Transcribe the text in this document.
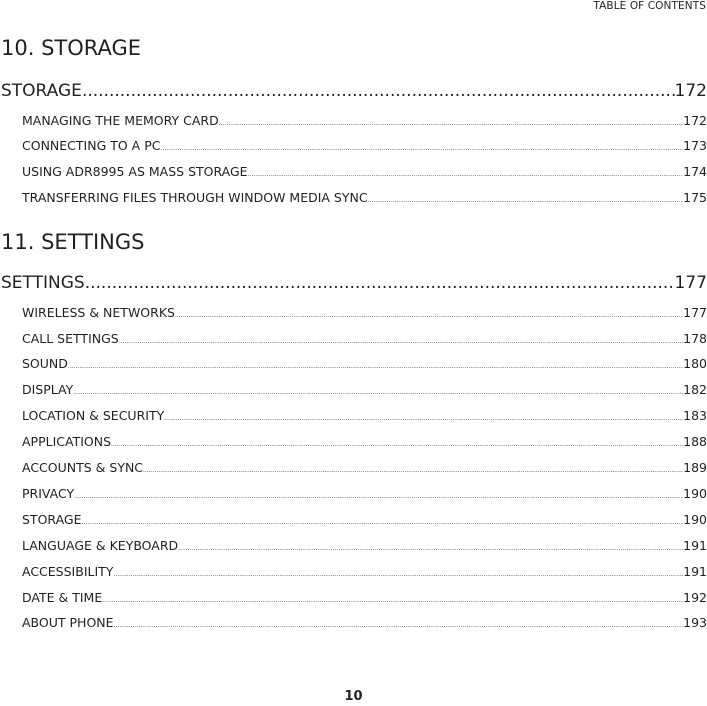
TABLE OF CONTENTS
10. STORAGE
STORAGE .....	172
MANAGING THE MEMORY CARD .....	172
CONNECTING TO A PC .....	173
USING ADR8995 AS MASS STORAGE .....	174
TRANSFERRING FILES THROUGH WINDOW MEDIA SYNC .....	175
11. SETTINGS
SETTINGS .....	177
WIRELESS & NETWORKS .....	177
CALL SETTINGS .....	178
SOUND .....	180
DISPLAY .....	182
LOCATION & SECURITY .....	183
APPLICATIONS .....	188
ACCOUNTS & SYNC .....	189
PRIVACY .....	190
STORAGE .....	190
LANGUAGE & KEYBOARD .....	191
ACCESSIBILITY .....	191
DATE & TIME .....	192
ABOUT PHONE .....	193
10
